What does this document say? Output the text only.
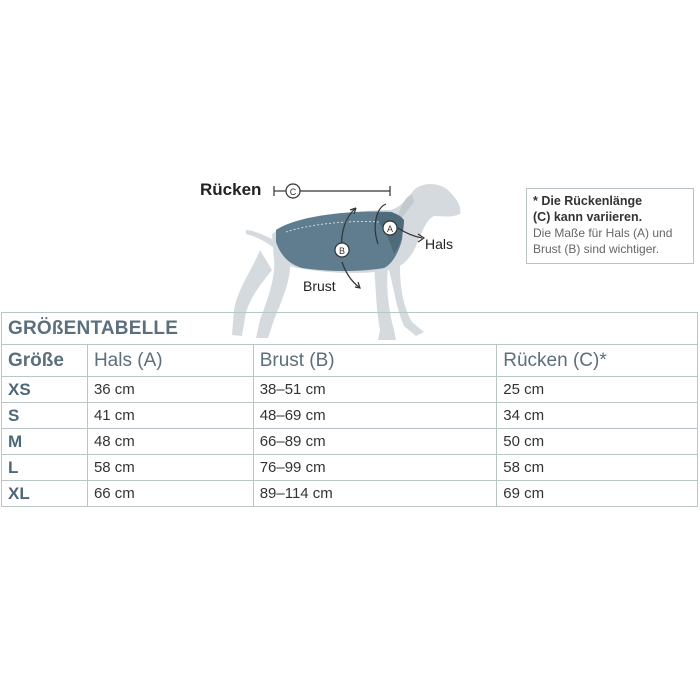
C
A
B
Rücken
Hals
Brust
* Die Rückenlänge
(C) kann variieren.
Die Maße für Hals (A) und
Brust (B) sind wichtiger.
GRÖßENTABELLE			
Größe	Hals (A)	Brust (B)	Rücken (C)*
XS	36 cm	38–51 cm	25 cm
S	41 cm	48–69 cm	34 cm
M	48 cm	66–89 cm	50 cm
L	58 cm	76–99 cm	58 cm
XL	66 cm	89–114 cm	69 cm
